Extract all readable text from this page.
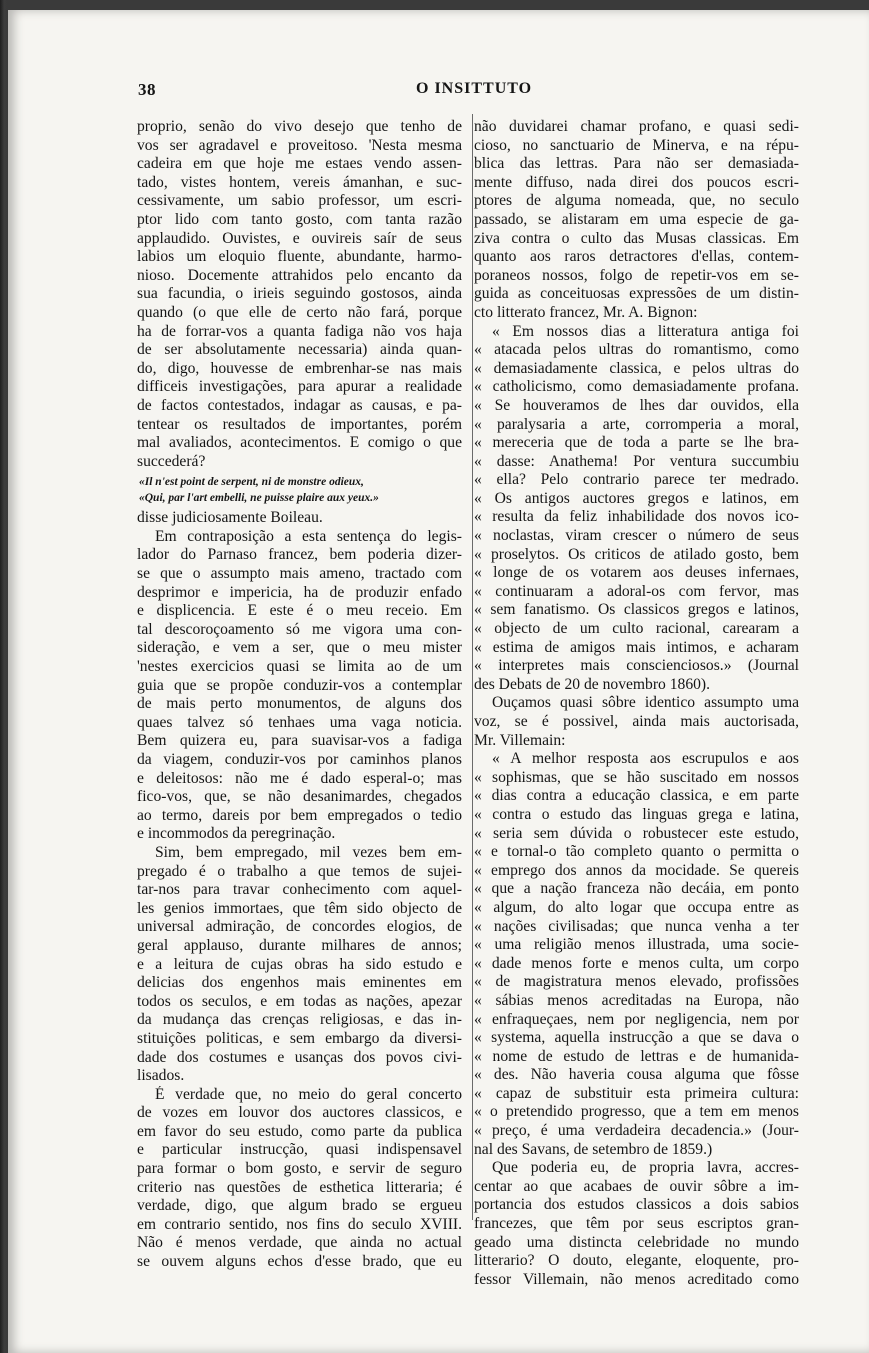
38	O INSITTUTO
proprio, senão do vivo desejo que tenho de
vos ser agradavel e proveitoso. 'Nesta mesma
cadeira em que hoje me estaes vendo assen-
tado, vistes hontem, vereis ámanhan, e suc-
cessivamente, um sabio professor, um escri-
ptor lido com tanto gosto, com tanta razão
applaudido. Ouvistes, e ouvireis saír de seus
labios um eloquio fluente, abundante, harmo-
nioso. Docemente attrahidos pelo encanto da
sua facundia, o irieis seguindo gostosos, ainda
quando (o que elle de certo não fará, porque
ha de forrar-vos a quanta fadiga não vos haja
de ser absolutamente necessaria) ainda quan-
do, digo, houvesse de embrenhar-se nas mais
difficeis investigações, para apurar a realidade
de factos contestados, indagar as causas, e pa-
tentear os resultados de importantes, porém
mal avaliados, acontecimentos. E comigo o que
succederá?
«Il n'est point de serpent, ni de monstre odieux,
«Qui, par l'art embelli, ne puisse plaire aux yeux.»
disse judiciosamente Boileau.
Em contraposição a esta sentença do legis-
lador do Parnaso francez, bem poderia dizer-
se que o assumpto mais ameno, tractado com
desprimor e impericia, ha de produzir enfado
e displicencia. E este é o meu receio. Em
tal descoroçoamento só me vigora uma con-
sideração, e vem a ser, que o meu mister
'nestes exercicios quasi se limita ao de um
guia que se propõe conduzir-vos a contemplar
de mais perto monumentos, de alguns dos
quaes talvez só tenhaes uma vaga noticia.
Bem quizera eu, para suavisar-vos a fadiga
da viagem, conduzir-vos por caminhos planos
e deleitosos: não me é dado esperal-o; mas
fico-vos, que, se não desanimardes, chegados
ao termo, dareis por bem empregados o tedio
e incommodos da peregrinação.
Sim, bem empregado, mil vezes bem em-
pregado é o trabalho a que temos de sujei-
tar-nos para travar conhecimento com aquel-
les genios immortaes, que têm sido objecto de
universal admiração, de concordes elogios, de
geral applauso, durante milhares de annos;
e a leitura de cujas obras ha sido estudo e
delicias dos engenhos mais eminentes em
todos os seculos, e em todas as nações, apezar
da mudança das crenças religiosas, e das in-
stituições politicas, e sem embargo da diversi-
dade dos costumes e usanças dos povos civi-
lisados.
É verdade que, no meio do geral concerto
de vozes em louvor dos auctores classicos, e
em favor do seu estudo, como parte da publica
e particular instrucção, quasi indispensavel
para formar o bom gosto, e servir de seguro
criterio nas questões de esthetica litteraria; é
verdade, digo, que algum brado se ergueu
em contrario sentido, nos fins do seculo XVIII.
Não é menos verdade, que ainda no actual
se ouvem alguns echos d'esse brado, que eu
não duvidarei chamar profano, e quasi sedi-
cioso, no sanctuario de Minerva, e na répu-
blica das lettras. Para não ser demasiada-
mente diffuso, nada direi dos poucos escri-
ptores de alguma nomeada, que, no seculo
passado, se alistaram em uma especie de ga-
ziva contra o culto das Musas classicas. Em
quanto aos raros detractores d'ellas, contem-
poraneos nossos, folgo de repetir-vos em se-
guida as conceituosas expressões de um distin-
cto litterato francez, Mr. A. Bignon:
« Em nossos dias a litteratura antiga foi
« atacada pelos ultras do romantismo, como
« demasiadamente classica, e pelos ultras do
« catholicismo, como demasiadamente profana.
« Se houveramos de lhes dar ouvidos, ella
« paralysaria a arte, corromperia a moral,
« mereceria que de toda a parte se lhe bra-
« dasse: Anathema! Por ventura succumbiu
« ella? Pelo contrario parece ter medrado.
« Os antigos auctores gregos e latinos, em
« resulta da feliz inhabilidade dos novos ico-
« noclastas, viram crescer o número de seus
« proselytos. Os criticos de atilado gosto, bem
« longe de os votarem aos deuses infernaes,
« continuaram a adoral-os com fervor, mas
« sem fanatismo. Os classicos gregos e latinos,
« objecto de um culto racional, carearam a
« estima de amigos mais intimos, e acharam
« interpretes mais conscienciosos.» (Journal
des Debats de 20 de novembro 1860).
Ouçamos quasi sôbre identico assumpto uma
voz, se é possivel, ainda mais auctorisada,
Mr. Villemain:
« A melhor resposta aos escrupulos e aos
« sophismas, que se hão suscitado em nossos
« dias contra a educação classica, e em parte
« contra o estudo das linguas grega e latina,
« seria sem dúvida o robustecer este estudo,
« e tornal-o tão completo quanto o permitta o
« emprego dos annos da mocidade. Se quereis
« que a nação franceza não decáia, em ponto
« algum, do alto logar que occupa entre as
« nações civilisadas; que nunca venha a ter
« uma religião menos illustrada, uma socie-
« dade menos forte e menos culta, um corpo
« de magistratura menos elevado, profissões
« sábias menos acreditadas na Europa, não
« enfraqueçaes, nem por negligencia, nem por
« systema, aquella instrucção a que se dava o
« nome de estudo de lettras e de humanida-
« des. Não haveria cousa alguma que fôsse
« capaz de substituir esta primeira cultura:
« o pretendido progresso, que a tem em menos
« preço, é uma verdadeira decadencia.» (Jour-
nal des Savans, de setembro de 1859.)
Que poderia eu, de propria lavra, accres-
centar ao que acabaes de ouvir sôbre a im-
portancia dos estudos classicos a dois sabios
francezes, que têm por seus escriptos gran-
geado uma distincta celebridade no mundo
litterario? O douto, elegante, eloquente, pro-
fessor Villemain, não menos acreditado como
